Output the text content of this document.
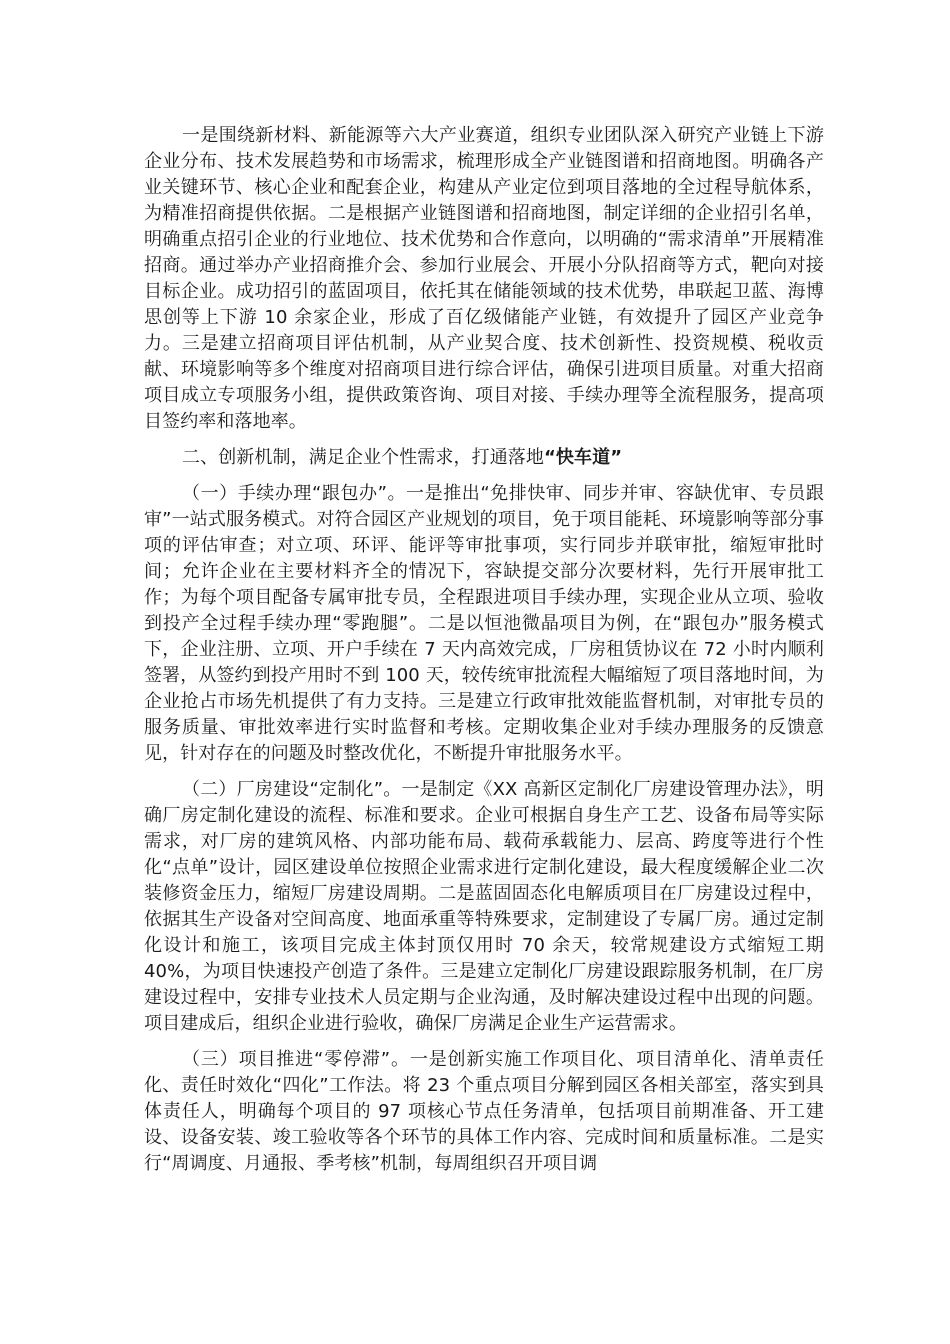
一是围绕新材料、新能源等六大产业赛道，组织专业团队深入研究产业链上下游企业分布、技术发展趋势和市场需求，梳理形成全产业链图谱和招商地图。明确各产业关键环节、核心企业和配套企业，构建从产业定位到项目落地的全过程导航体系，为精准招商提供依据。二是根据产业链图谱和招商地图，制定详细的企业招引名单，明确重点招引企业的行业地位、技术优势和合作意向，以明确的“需求清单”开展精准招商。通过举办产业招商推介会、参加行业展会、开展小分队招商等方式，靶向对接目标企业。成功招引的蓝固项目，依托其在储能领域的技术优势，串联起卫蓝、海博思创等上下游 10 余家企业，形成了百亿级储能产业链，有效提升了园区产业竞争力。三是建立招商项目评估机制，从产业契合度、技术创新性、投资规模、税收贡献、环境影响等多个维度对招商项目进行综合评估，确保引进项目质量。对重大招商项目成立专项服务小组，提供政策咨询、项目对接、手续办理等全流程服务，提高项目签约率和落地率。

二、创新机制，满足企业个性需求，打通落地“快车道”

（一）手续办理“跟包办”。一是推出“免排快审、同步并审、容缺优审、专员跟审”一站式服务模式。对符合园区产业规划的项目，免于项目能耗、环境影响等部分事项的评估审查；对立项、环评、能评等审批事项，实行同步并联审批，缩短审批时间；允许企业在主要材料齐全的情况下，容缺提交部分次要材料，先行开展审批工作；为每个项目配备专属审批专员，全程跟进项目手续办理，实现企业从立项、验收到投产全过程手续办理“零跑腿”。二是以恒池微晶项目为例，在“跟包办”服务模式下，企业注册、立项、开户手续在 7 天内高效完成，厂房租赁协议在 72 小时内顺利签署，从签约到投产用时不到 100 天，较传统审批流程大幅缩短了项目落地时间，为企业抢占市场先机提供了有力支持。三是建立行政审批效能监督机制，对审批专员的服务质量、审批效率进行实时监督和考核。定期收集企业对手续办理服务的反馈意见，针对存在的问题及时整改优化，不断提升审批服务水平。

（二）厂房建设“定制化”。一是制定《XX 高新区定制化厂房建设管理办法》，明确厂房定制化建设的流程、标准和要求。企业可根据自身生产工艺、设备布局等实际需求，对厂房的建筑风格、内部功能布局、载荷承载能力、层高、跨度等进行个性化“点单”设计，园区建设单位按照企业需求进行定制化建设，最大程度缓解企业二次装修资金压力，缩短厂房建设周期。二是蓝固固态化电解质项目在厂房建设过程中，依据其生产设备对空间高度、地面承重等特殊要求，定制建设了专属厂房。通过定制化设计和施工，该项目完成主体封顶仅用时 70 余天，较常规建设方式缩短工期 40%，为项目快速投产创造了条件。三是建立定制化厂房建设跟踪服务机制，在厂房建设过程中，安排专业技术人员定期与企业沟通，及时解决建设过程中出现的问题。项目建成后，组织企业进行验收，确保厂房满足企业生产运营需求。

（三）项目推进“零停滞”。一是创新实施工作项目化、项目清单化、清单责任化、责任时效化“四化”工作法。将 23 个重点项目分解到园区各相关部室，落实到具体责任人，明确每个项目的 97 项核心节点任务清单，包括项目前期准备、开工建设、设备安装、竣工验收等各个环节的具体工作内容、完成时间和质量标准。二是实行“周调度、月通报、季考核”机制，每周组织召开项目调
